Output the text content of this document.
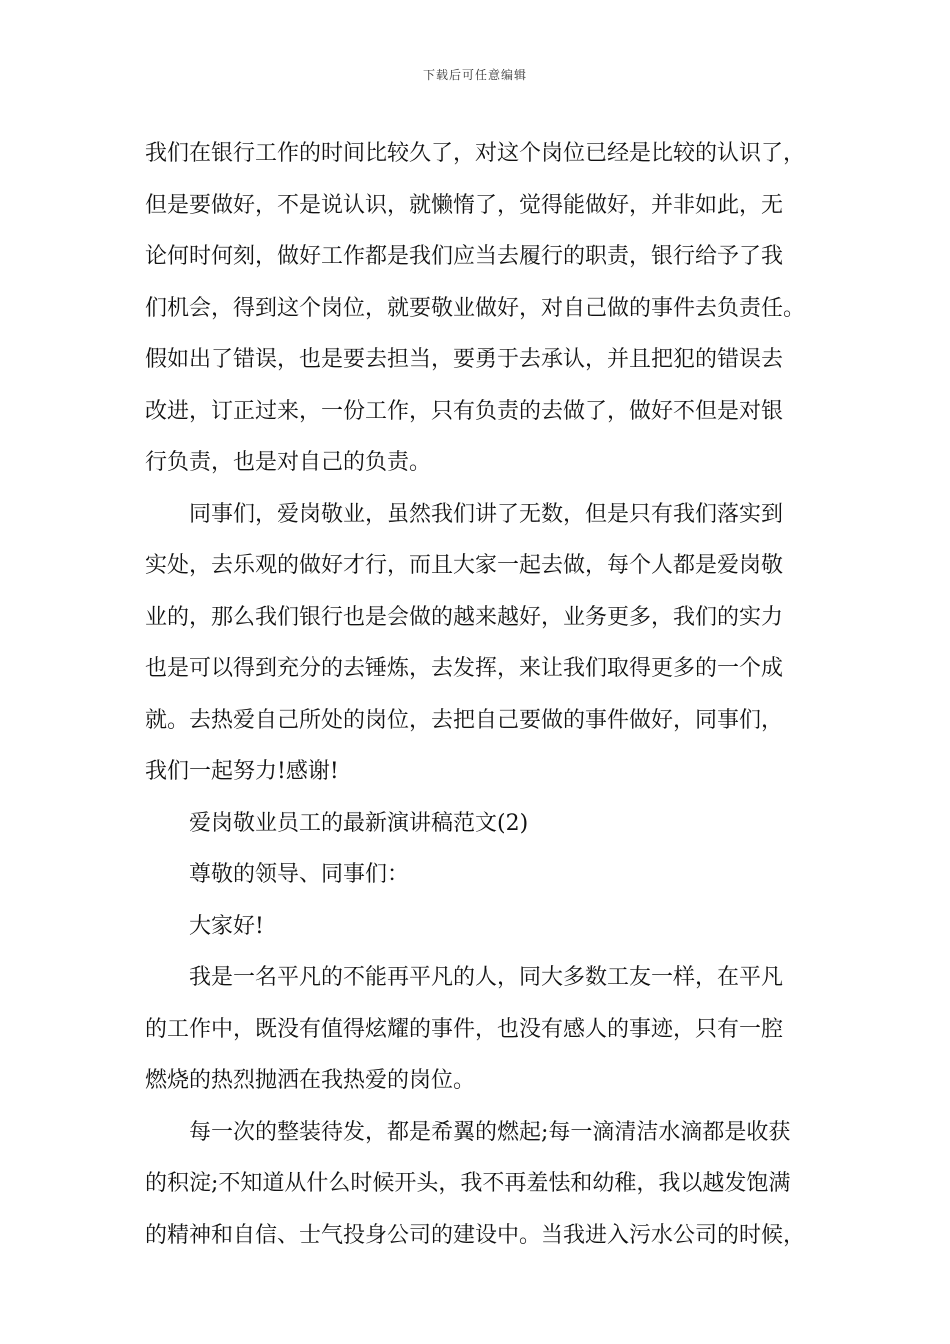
下载后可任意编辑

我们在银行工作的时间比较久了，对这个岗位已经是比较的认识了，
但是要做好，不是说认识，就懒惰了，觉得能做好，并非如此，无
论何时何刻，做好工作都是我们应当去履行的职责，银行给予了我
们机会，得到这个岗位，就要敬业做好，对自己做的事件去负责任。
假如出了错误，也是要去担当，要勇于去承认，并且把犯的错误去
改进，订正过来，一份工作，只有负责的去做了，做好不但是对银
行负责，也是对自己的负责。

同事们，爱岗敬业，虽然我们讲了无数，但是只有我们落实到
实处，去乐观的做好才行，而且大家一起去做，每个人都是爱岗敬
业的，那么我们银行也是会做的越来越好，业务更多，我们的实力
也是可以得到充分的去锤炼，去发挥，来让我们取得更多的一个成
就。去热爱自己所处的岗位，去把自己要做的事件做好，同事们，
我们一起努力!感谢!

爱岗敬业员工的最新演讲稿范文(2)

尊敬的领导、同事们：

大家好!

我是一名平凡的不能再平凡的人，同大多数工友一样，在平凡
的工作中，既没有值得炫耀的事件，也没有感人的事迹，只有一腔
燃烧的热烈抛洒在我热爱的岗位。

每一次的整装待发，都是希翼的燃起;每一滴清洁水滴都是收获
的积淀;不知道从什么时候开头，我不再羞怯和幼稚，我以越发饱满
的精神和自信、士气投身公司的建设中。当我进入污水公司的时候，
